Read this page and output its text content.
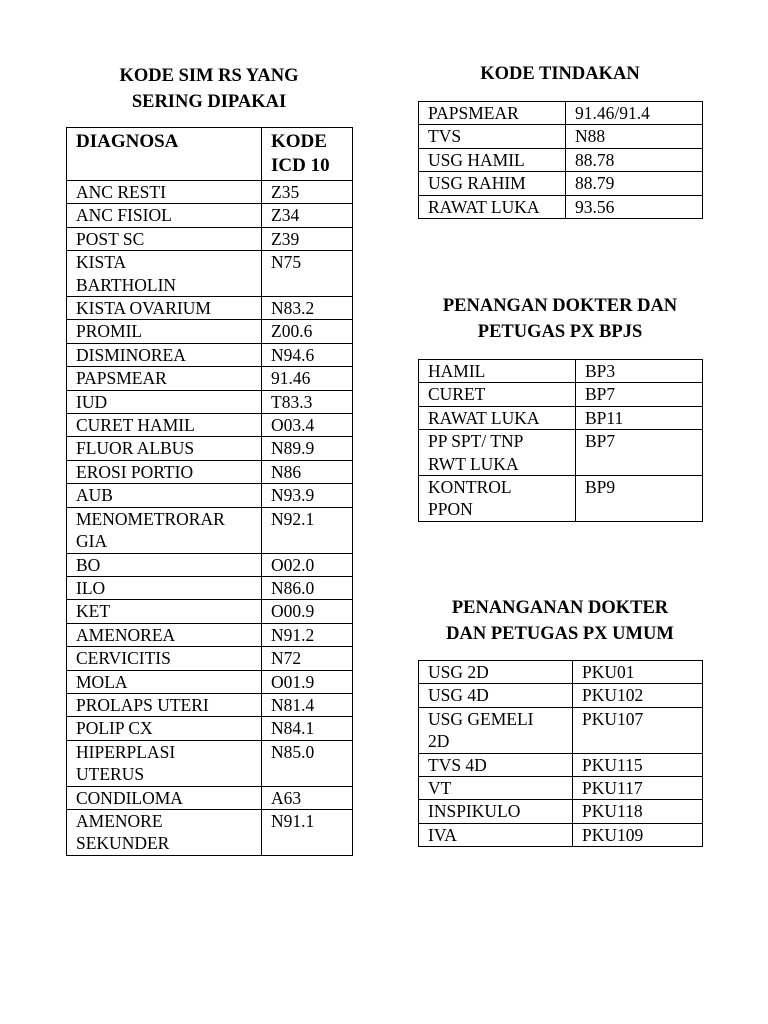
KODE SIM RS YANG
SERING DIPAKAI
DIAGNOSA	KODE
ICD 10
ANC RESTI	Z35
ANC FISIOL	Z34
POST SC	Z39
KISTA
BARTHOLIN	N75
KISTA OVARIUM	N83.2
PROMIL	Z00.6
DISMINOREA	N94.6
PAPSMEAR	91.46
IUD	T83.3
CURET HAMIL	O03.4
FLUOR ALBUS	N89.9
EROSI PORTIO	N86
AUB	N93.9
MENOMETRORAR
GIA	N92.1
BO	O02.0
ILO	N86.0
KET	O00.9
AMENOREA	N91.2
CERVICITIS	N72
MOLA	O01.9
PROLAPS UTERI	N81.4
POLIP CX	N84.1
HIPERPLASI
UTERUS	N85.0
CONDILOMA	A63
AMENORE
SEKUNDER	N91.1
KODE TINDAKAN
PAPSMEAR	91.46/91.4
TVS	N88
USG HAMIL	88.78
USG RAHIM	88.79
RAWAT LUKA	93.56
PENANGAN DOKTER DAN
PETUGAS PX BPJS
HAMIL	BP3
CURET	BP7
RAWAT LUKA	BP11
PP SPT/ TNP
RWT LUKA	BP7
KONTROL
PPON	BP9
PENANGANAN DOKTER
DAN PETUGAS PX UMUM
USG 2D	PKU01
USG 4D	PKU102
USG GEMELI
2D	PKU107
TVS 4D	PKU115
VT	PKU117
INSPIKULO	PKU118
IVA	PKU109
